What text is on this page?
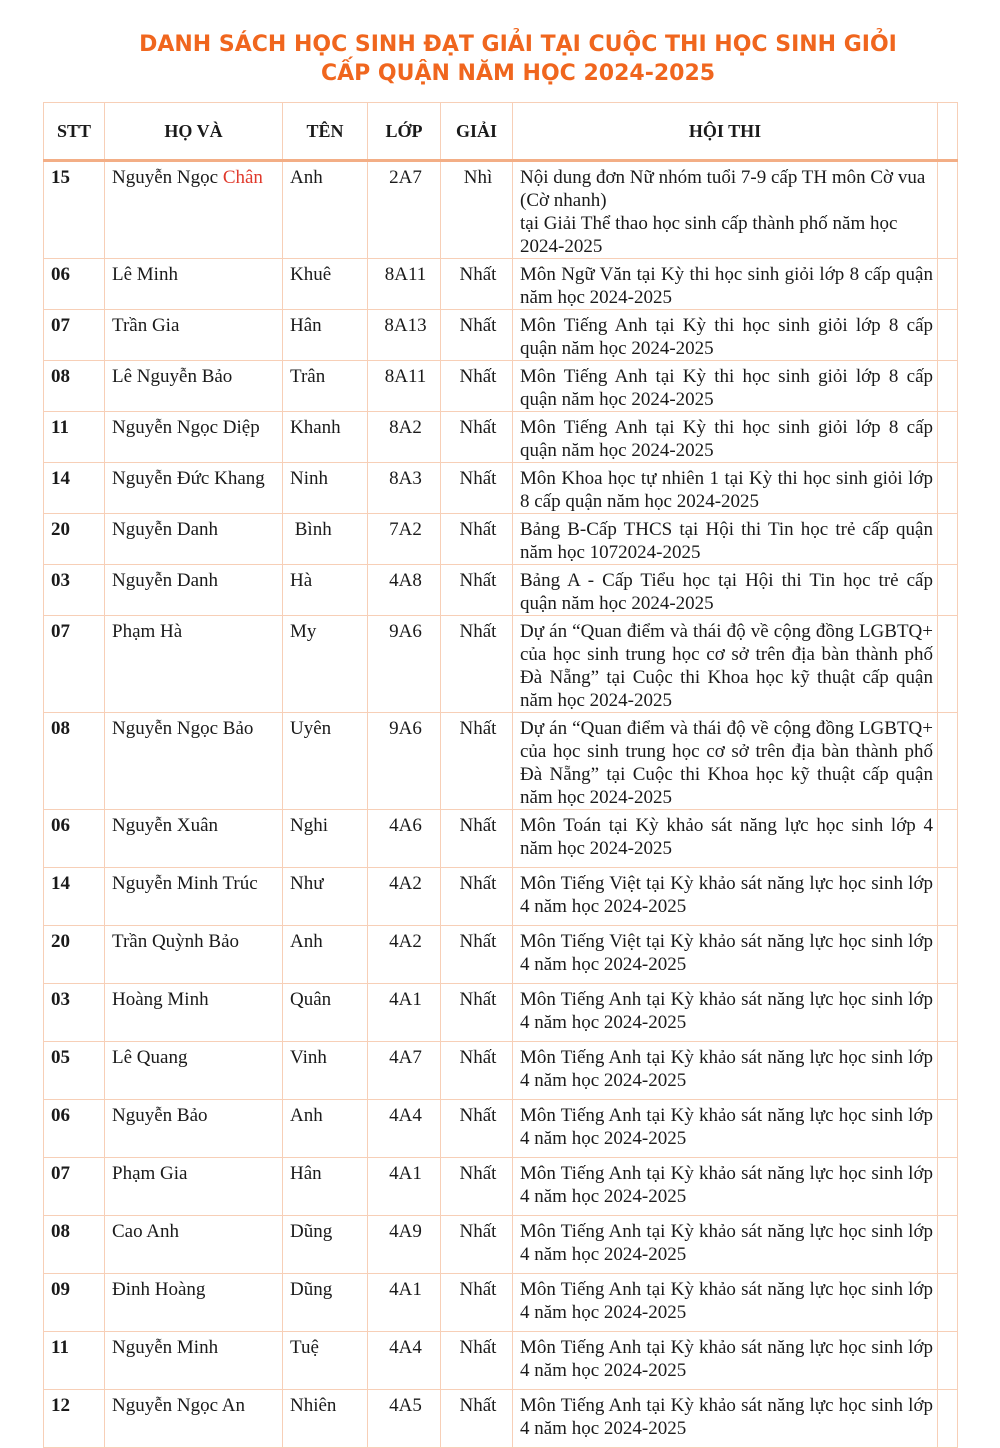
DANH SÁCH HỌC SINH ĐẠT GIẢI TẠI CUỘC THI HỌC SINH GIỎI
CẤP QUẬN NĂM HỌC 2024-2025
STT	HỌ VÀ	TÊN	LỚP	GIẢI	HỘI THI	
15	Nguyễn Ngọc Chân	Anh	2A7	Nhì	Nội dung đơn Nữ nhóm tuổi 7-9 cấp TH môn Cờ vua (Cờ nhanh)
tại Giải Thể thao học sinh cấp thành phố năm học 2024-2025	

06	Lê Minh	Khuê	8A11	Nhất	Môn Ngữ Văn tại Kỳ thi học sinh giỏi lớp 8 cấp quận năm học 2024-2025	

07	Trần Gia	Hân	8A13	Nhất	Môn Tiếng Anh tại Kỳ thi học sinh giỏi lớp 8 cấp quận năm học 2024-2025	

08	Lê Nguyễn Bảo	Trân	8A11	Nhất	Môn Tiếng Anh tại Kỳ thi học sinh giỏi lớp 8 cấp quận năm học 2024-2025	

11	Nguyễn Ngọc Diệp	Khanh	8A2	Nhất	Môn Tiếng Anh tại Kỳ thi học sinh giỏi lớp 8 cấp quận năm học 2024-2025	

14	Nguyễn Đức Khang	Ninh	8A3	Nhất	Môn Khoa học tự nhiên 1 tại Kỳ thi học sinh giỏi lớp 8 cấp quận năm học 2024-2025	

20	Nguyễn Danh	Bình	7A2	Nhất	Bảng B-Cấp THCS tại Hội thi Tin học trẻ cấp quận năm học 1072024-2025	

03	Nguyễn Danh	Hà	4A8	Nhất	Bảng A - Cấp Tiểu học tại Hội thi Tin học trẻ cấp quận năm học 2024-2025	

07	Phạm Hà	My	9A6	Nhất	Dự án “Quan điểm và thái độ về cộng đồng LGBTQ+ của học sinh trung học cơ sở trên địa bàn thành phố Đà Nẵng” tại Cuộc thi Khoa học kỹ thuật cấp quận năm học 2024-2025	

08	Nguyễn Ngọc Bảo	Uyên	9A6	Nhất	Dự án “Quan điểm và thái độ về cộng đồng LGBTQ+ của học sinh trung học cơ sở trên địa bàn thành phố Đà Nẵng” tại Cuộc thi Khoa học kỹ thuật cấp quận năm học 2024-2025	

06	Nguyễn Xuân	Nghi	4A6	Nhất	Môn Toán tại Kỳ khảo sát năng lực học sinh lớp 4 năm học 2024-2025	

14	Nguyễn Minh Trúc	Như	4A2	Nhất	Môn Tiếng Việt tại Kỳ khảo sát năng lực học sinh lớp 4 năm học 2024-2025	

20	Trần Quỳnh Bảo	Anh	4A2	Nhất	Môn Tiếng Việt tại Kỳ khảo sát năng lực học sinh lớp 4 năm học 2024-2025	

03	Hoàng Minh	Quân	4A1	Nhất	Môn Tiếng Anh tại Kỳ khảo sát năng lực học sinh lớp 4 năm học 2024-2025	

05	Lê Quang	Vinh	4A7	Nhất	Môn Tiếng Anh tại Kỳ khảo sát năng lực học sinh lớp 4 năm học 2024-2025	

06	Nguyễn Bảo	Anh	4A4	Nhất	Môn Tiếng Anh tại Kỳ khảo sát năng lực học sinh lớp 4 năm học 2024-2025	

07	Phạm Gia	Hân	4A1	Nhất	Môn Tiếng Anh tại Kỳ khảo sát năng lực học sinh lớp 4 năm học 2024-2025	

08	Cao Anh	Dũng	4A9	Nhất	Môn Tiếng Anh tại Kỳ khảo sát năng lực học sinh lớp 4 năm học 2024-2025	

09	Đinh Hoàng	Dũng	4A1	Nhất	Môn Tiếng Anh tại Kỳ khảo sát năng lực học sinh lớp 4 năm học 2024-2025	

11	Nguyễn Minh	Tuệ	4A4	Nhất	Môn Tiếng Anh tại Kỳ khảo sát năng lực học sinh lớp 4 năm học 2024-2025	

12	Nguyễn Ngọc An	Nhiên	4A5	Nhất	Môn Tiếng Anh tại Kỳ khảo sát năng lực học sinh lớp 4 năm học 2024-2025	
